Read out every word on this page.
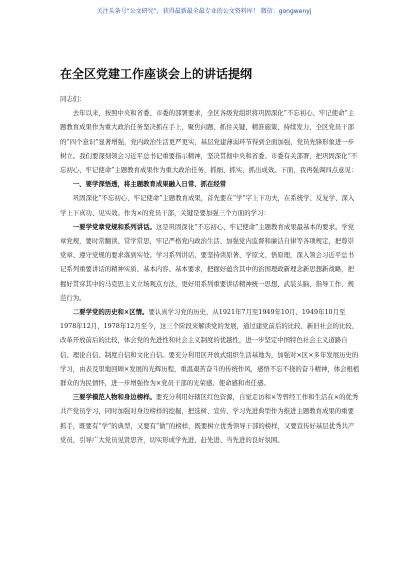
关注头条号“公文研究”，获得最新最全最专业的公文资料库！ 微信：gongwenyj
在全区党建工作座谈会上的讲话提纲

同志们：

去年以来，按照中央和省委、市委的部署要求，全区各级党组织将巩固深化“不忘初心、牢记使命”主题教育成果作为重大政治任务坚决抓在手上，聚焦问题、抓住关键，精准施策、持续发力，全区党员干部的“四个意识”显著增强，党内政治生活更严更实，基层党建薄弱环节得到全面加强，党员先锋形象进一步树立。我们要深刻领会习近平总书记重要指示精神，坚决贯彻中央和省委、市委有关部署，把巩固深化“不忘初心、牢记使命”主题教育成果作为重大政治任务，抓细、抓实、抓出成效。下面，我再强调四点意见：

一、要学深悟透，将主题教育成果融入日常、抓在经常

巩固深化“不忘初心、牢记使命”主题教育成果，首先要在“学”字上下功夫，在系统学、反复学、深入学上下真功、见实效。作为×的党员干部，关键是要加强三个方面的学习：

一要学党章党规和系列讲话。这是巩固深化“不忘初心、牢记使命”主题教育成果最基本的要求。学党章党规，要时常翻读、常学常思，牢记严格党内政治生活、加强党内监督和廉洁自律等各项规定，把尊崇党章、遵守党规的要求落到实处。学习系列讲话，要坚持读原著、学原文、悟原理，深入领会习近平总书记系列重要讲话的精神实质、基本内容、基本要求，把握好蕴含其中的治国理政新理念新思想新战略，把握好贯穿其中的马克思主义立场观点方法，更好用系列重要讲话精神统一思想、武装头脑、指导工作、规范行为。

二要学党的历史和×区情。要认真学习党的历史，从1921年7月至1949年10月、1949年10月至1978年12月、1978年12月至今，这三个阶段来解读党的发展，通过建党前后的比较、新旧社会的比较、改革开放前后的比较，体会党的先进性和社会主义制度的优越性，进一步坚定中国特色社会主义道路自信、理论自信、制度自信和文化自信。要充分利用区开放式组织生活基地为，加强对×区×多年发展历史的学习，由表及里地回顾×发展的光辉历程，重温艰苦奋斗的传统作风，感悟不忘不挠的奋斗精神，体会根植群众的为民情怀，进一步增强作为×党员干部的光荣感、使命感和责任感。

三要学模范人物和身边榜样。要充分利用好辖区红色资源，自觉走访和×等曾经工作和生活在×的优秀共产党员学习，同时加强对身边榜样的挖掘，把选树、宣传、学习先进典型作为推进主题教育成果的重要抓手，既要有“学”的典型，又要有“做”的榜样，既要树立优秀领导干部的榜样，又要宣传好基层优秀共产党员，引导广大党员见贤思齐，切实形成学先进、赶先进、当先进的良好氛围。
